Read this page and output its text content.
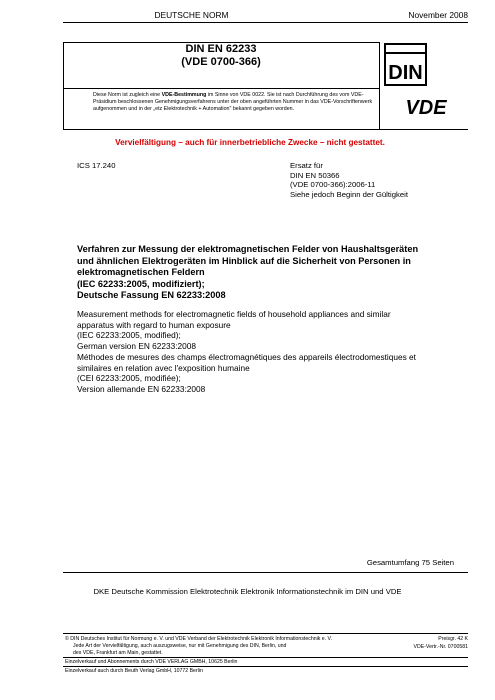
DEUTSCHE NORM	November 2008
DIN EN 62233
(VDE 0700-366)	DIN
Diese Norm ist zugleich eine VDE-Bestimmung im Sinne von VDE 0022. Sie ist nach Durchführung des vom VDE-Präsidium beschlossenen Genehmigungsverfahrens unter der oben angeführten Nummer in das VDE-Vorschriftenwerk aufgenommen und in der „etz Elektrotechnik + Automation" bekannt gegeben worden.	VDE
Vervielfältigung – auch für innerbetriebliche Zwecke – nicht gestattet.
ICS 17.240	Ersatz für
DIN EN 50366
(VDE 0700-366):2006-11
Siehe jedoch Beginn der Gültigkeit

Verfahren zur Messung der elektromagnetischen Felder von Haushaltsgeräten

und ähnlichen Elektrogeräten im Hinblick auf die Sicherheit von Personen in

elektromagnetischen Feldern

(IEC 62233:2005, modifiziert);

Deutsche Fassung EN 62233:2008

Measurement methods for electromagnetic fields of household appliances and similar

apparatus with regard to human exposure

(IEC 62233:2005, modified);

German version EN 62233:2008

Méthodes de mesures des champs électromagnétiques des appareils électrodomestiques et

similaires en relation avec l'exposition humaine

(CEI 62233:2005, modifiée);

Version allemande EN 62233:2008

Gesamtumfang 75 Seiten
DKE Deutsche Kommission Elektrotechnik Elektronik Informationstechnik im DIN und VDE
© DIN Deutsches Institut für Normung e. V. und VDE Verband der Elektrotechnik Elektronik Informationstechnik e. V.
Jede Art der Vervielfältigung, auch auszugsweise, nur mit Genehmigung des DIN, Berlin, und
des VDE, Frankfurt am Main, gestattet.
Einzelverkauf und Abonnements durch VDE VERLAG GMBH, 10625 Berlin
Einzelverkauf auch durch Beuth Verlag GmbH, 10772 Berlin
Preisgr. 42 K
VDE-Vertr.-Nr. 0700581
